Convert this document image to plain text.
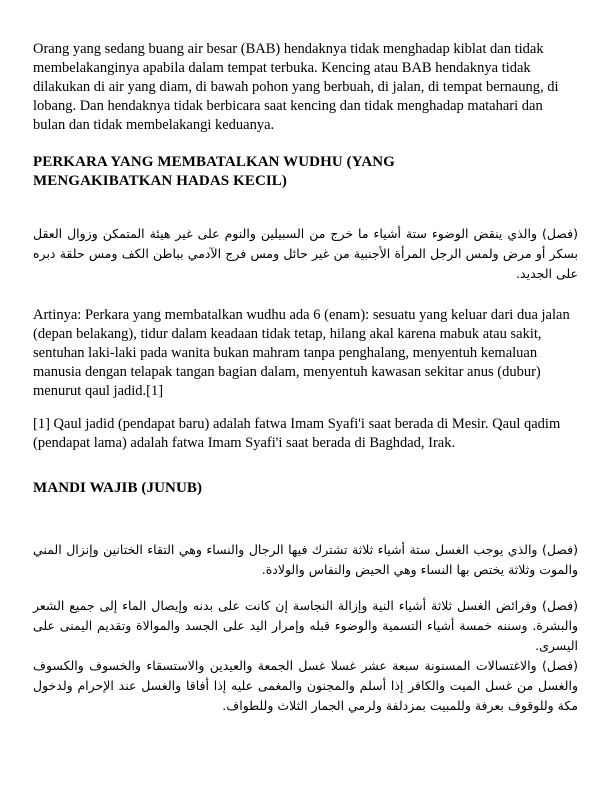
Orang yang sedang buang air besar (BAB) hendaknya tidak menghadap kiblat dan tidak membelakanginya apabila dalam tempat terbuka. Kencing atau BAB hendaknya tidak dilakukan di air yang diam, di bawah pohon yang berbuah, di jalan, di tempat bernaung, di lobang. Dan hendaknya tidak berbicara saat kencing dan tidak menghadap matahari dan bulan dan tidak membelakangi keduanya.

PERKARA YANG MEMBATALKAN WUDHU (YANG MENGAKIBATKAN HADAS KECIL)

(فصل) والذي ينقض الوضوء ستة أشياء ما خرج من السبيلين والنوم على غير هيئة المتمكن وزوال العقل بسكر أو مرض ولمس الرجل المرأة الأجنبية من غير حائل ومس فرج الآدمي بباطن الكف ومس حلقة دبره على الجديد.

Artinya: Perkara yang membatalkan wudhu ada 6 (enam): sesuatu yang keluar dari dua jalan (depan belakang), tidur dalam keadaan tidak tetap, hilang akal karena mabuk atau sakit, sentuhan laki-laki pada wanita bukan mahram tanpa penghalang, menyentuh kemaluan manusia dengan telapak tangan bagian dalam, menyentuh kawasan sekitar anus (dubur) menurut qaul jadid.[1]

[1] Qaul jadid (pendapat baru) adalah fatwa Imam Syafi'i saat berada di Mesir. Qaul qadim (pendapat lama) adalah fatwa Imam Syafi'i saat berada di Baghdad, Irak.

MANDI WAJIB (JUNUB)

(فصل) والذي يوجب الغسل ستة أشياء ثلاثة تشترك فيها الرجال والنساء وهي التقاء الختانين وإنزال المني والموت وثلاثة يختص بها النساء وهي الحيض والنفاس والولادة.

(فصل) وفرائض الغسل ثلاثة أشياء النية وإزالة النجاسة إن كانت على بدنه وإيصال الماء إلى جميع الشعر والبشرة. وسننه خمسة أشياء التسمية والوضوء قبله وإمرار اليد على الجسد والموالاة وتقديم اليمنى على اليسرى.

(فصل) والاغتسالات المسنونة سبعة عشر غسلا غسل الجمعة والعيدين والاستسقاء والخسوف والكسوف والغسل من غسل الميت والكافر إذا أسلم والمجنون والمغمى عليه إذا أفاقا والغسل عند الإحرام ولدخول مكة وللوقوف بعرفة وللمبيت بمزدلفة ولرمي الجمار الثلاث وللطواف.
